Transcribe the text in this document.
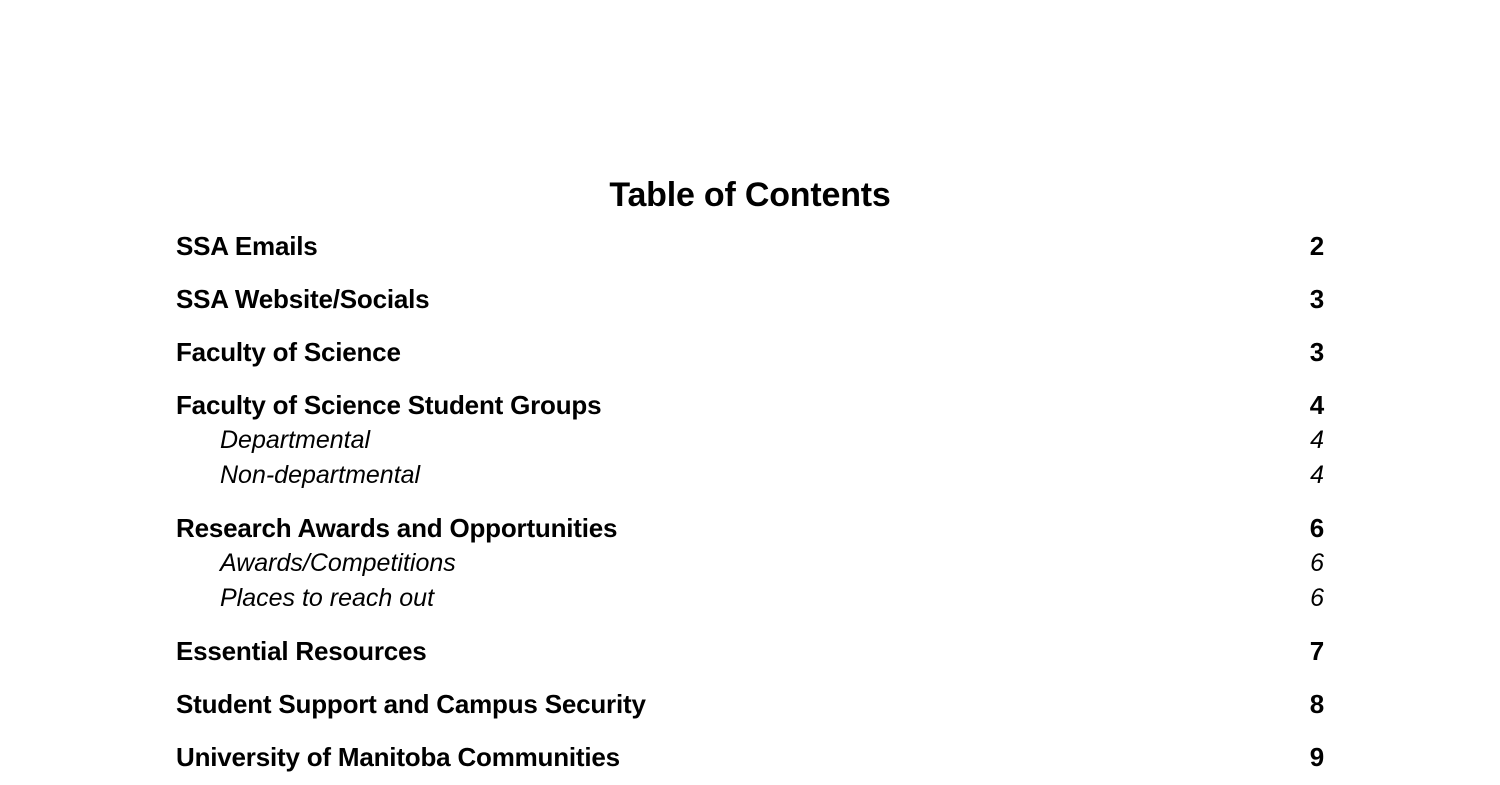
Table of Contents
SSA Emails	2
SSA Website/Socials	3
Faculty of Science	3
Faculty of Science Student Groups	4
Departmental	4
Non-departmental	4
Research Awards and Opportunities	6
Awards/Competitions	6
Places to reach out	6
Essential Resources	7
Student Support and Campus Security	8
University of Manitoba Communities	9
